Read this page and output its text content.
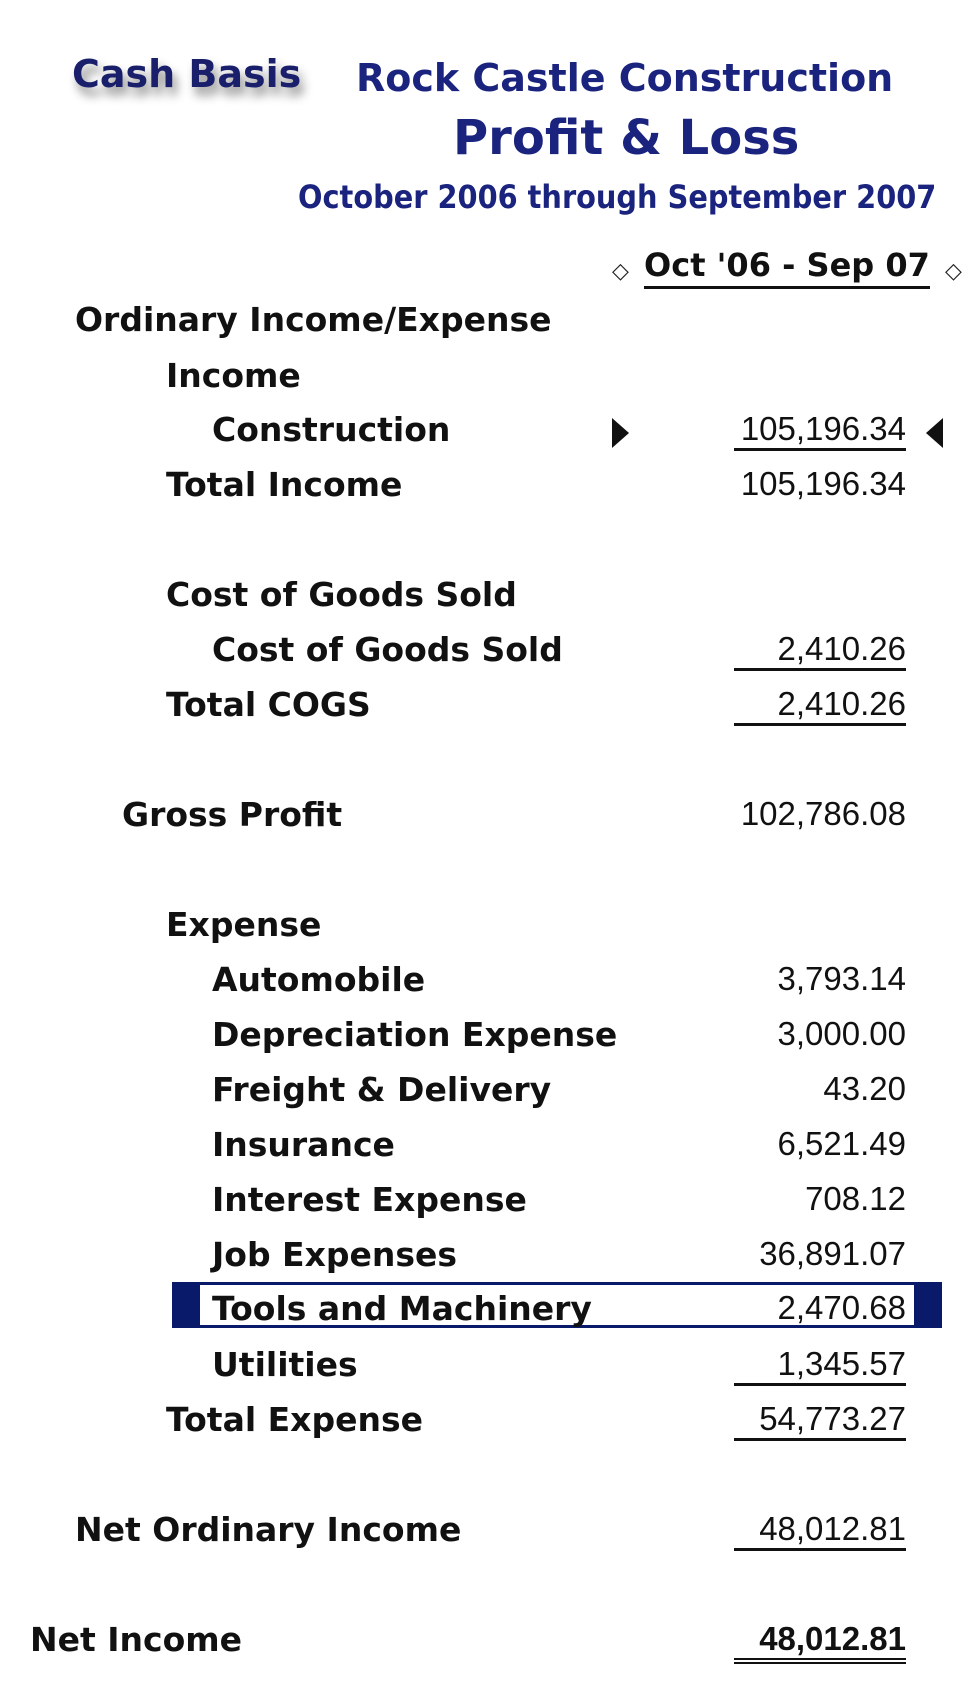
Cash Basis Rock Castle Construction
Profit & Loss
October 2006 through September 2007
◇ Oct '06 - Sep 07 ◇
Ordinary Income/Expense
Income
Construction	105,196.34
Total Income	105,196.34
Cost of Goods Sold
Cost of Goods Sold	2,410.26
Total COGS	2,410.26
Gross Profit	102,786.08
Expense
Automobile	3,793.14
Depreciation Expense	3,000.00
Freight & Delivery	43.20
Insurance	6,521.49
Interest Expense	708.12
Job Expenses	36,891.07
Tools and Machinery	2,470.68
Utilities	1,345.57
Total Expense	54,773.27
Net Ordinary Income	48,012.81
Net Income	48,012.81
